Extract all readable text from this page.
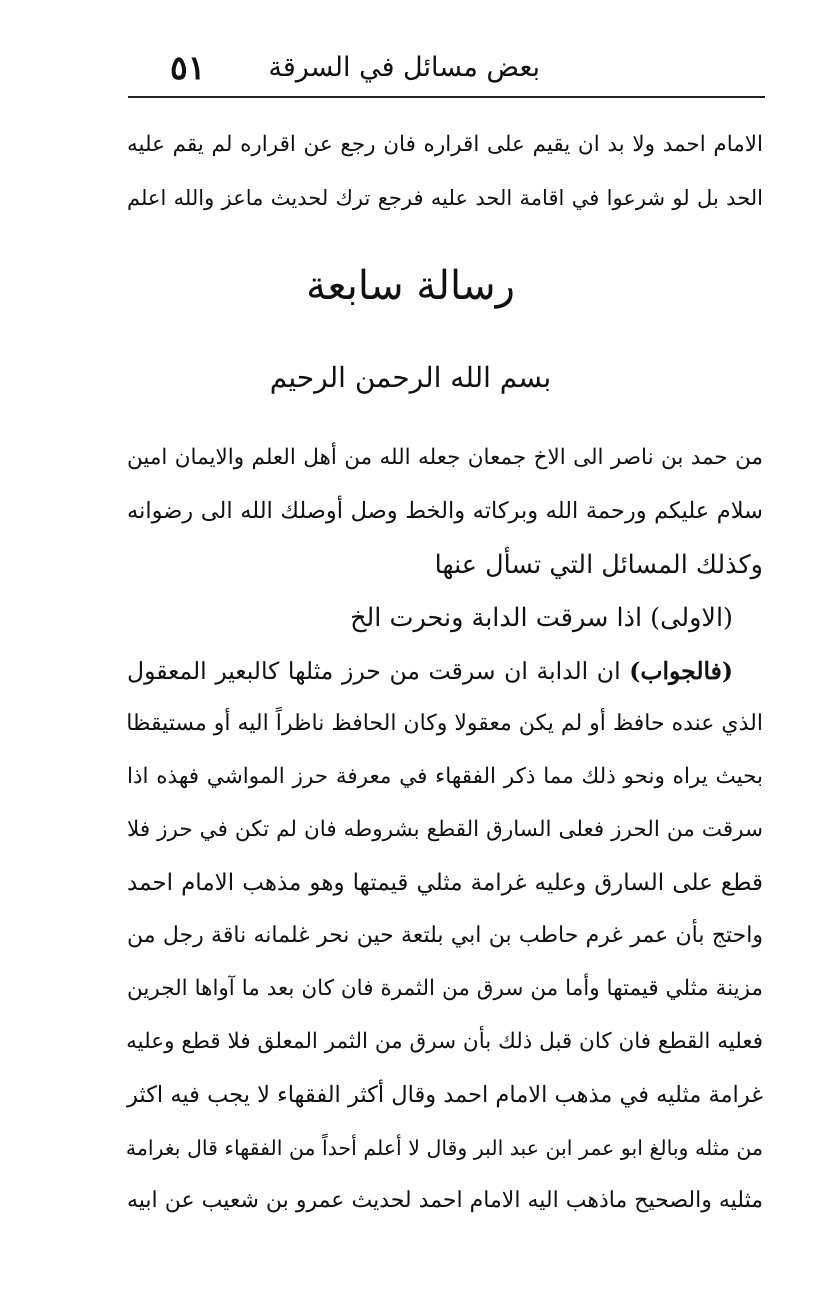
بعض مسائل في السرقة
٥١
الامام احمد ولا بد ان يقيم على اقراره فان رجع عن اقراره لم يقم عليه
الحد بل لو شرعوا في اقامة الحد عليه فرجع ترك لحديث ماعز والله اعلم
رسالة سابعة
بسم الله الرحمن الرحيم
من حمد بن ناصر الى الاخ جمعان جعله الله من أهل العلم والايمان امين
سلام عليكم ورحمة الله وبركاته والخط وصل أوصلك الله الى رضوانه
وكذلك المسائل التي تسأل عنها
(الاولى) اذا سرقت الدابة ونحرت الخ
(فالجواب) ان الدابة ان سرقت من حرز مثلها كالبعير المعقول
الذي عنده حافظ أو لم يكن معقولا وكان الحافظ ناظراً اليه أو مستيقظا
بحيث يراه ونحو ذلك مما ذكر الفقهاء في معرفة حرز المواشي فهذه اذا
سرقت من الحرز فعلى السارق القطع بشروطه فان لم تكن في حرز فلا
قطع على السارق وعليه غرامة مثلي قيمتها وهو مذهب الامام احمد
واحتج بأن عمر غرم حاطب بن ابي بلتعة حين نحر غلمانه ناقة رجل من
مزينة مثلي قيمتها وأما من سرق من الثمرة فان كان بعد ما آواها الجرين
فعليه القطع فان كان قبل ذلك بأن سرق من الثمر المعلق فلا قطع وعليه
غرامة مثليه في مذهب الامام احمد وقال أكثر الفقهاء لا يجب فيه اكثر
من مثله وبالغ ابو عمر ابن عبد البر وقال لا أعلم أحداً من الفقهاء قال بغرامة
مثليه والصحيح ماذهب اليه الامام احمد لحديث عمرو بن شعيب عن ابيه
